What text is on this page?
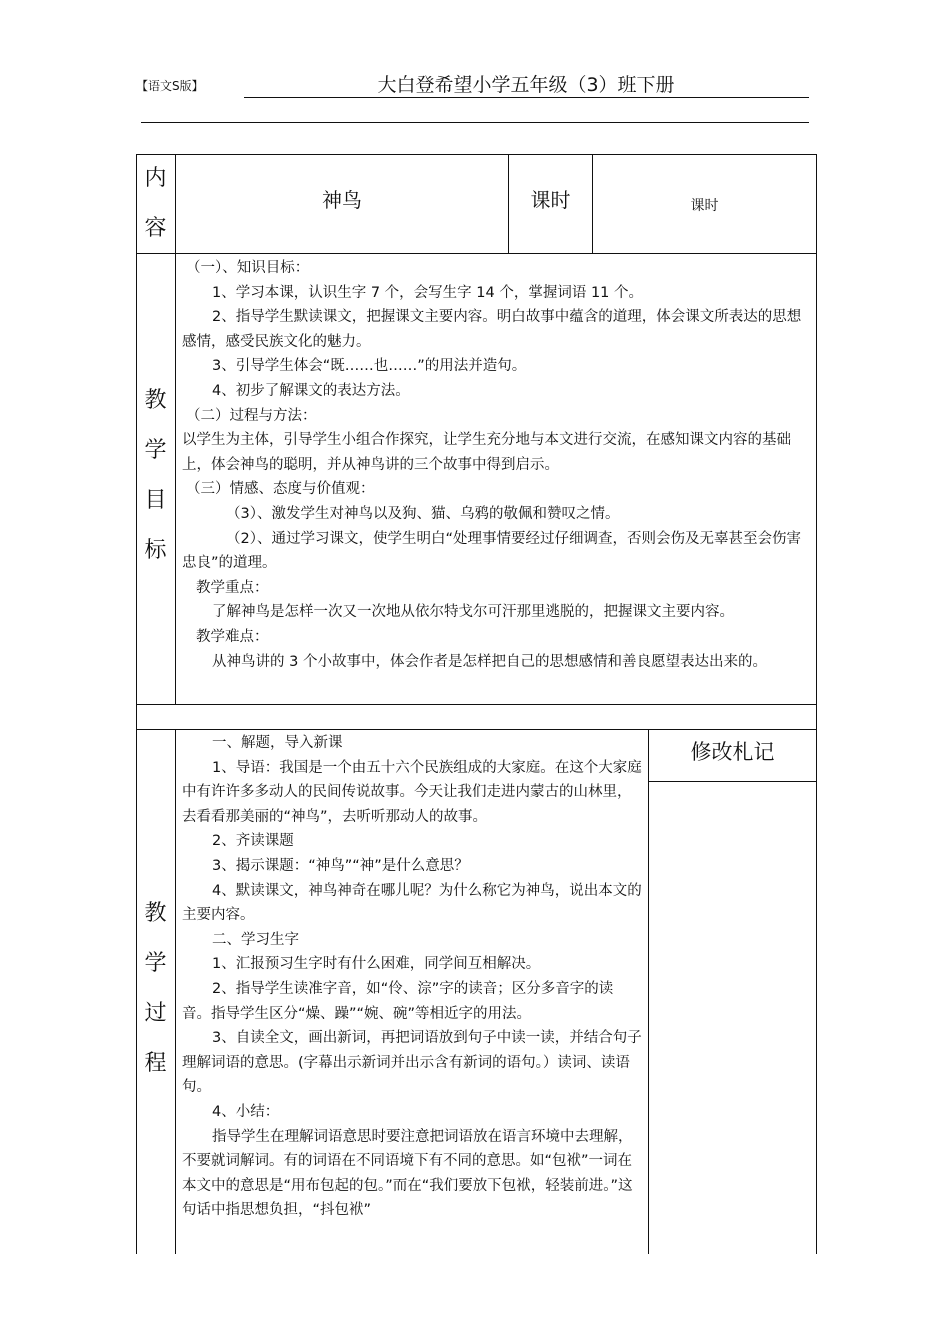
【语文S版】	大白登希望小学五年级（3）班下册
内
容
神鸟	课时	课时
教
学
目
标

（一）、知识目标：

1、学习本课，认识生字 7 个，会写生字 14 个，掌握词语 11 个。

2、指导学生默读课文，把握课文主要内容。明白故事中蕴含的道理，体会课文所表达的思想感情，感受民族文化的魅力。

3、引导学生体会“既……也……”的用法并造句。

4、初步了解课文的表达方法。

（二）过程与方法：

以学生为主体，引导学生小组合作探究，让学生充分地与本文进行交流，在感知课文内容的基础上，体会神鸟的聪明，并从神鸟讲的三个故事中得到启示。

（三）情感、态度与价值观：

（3）、激发学生对神鸟以及狗、猫、乌鸦的敬佩和赞叹之情。

（2）、通过学习课文，使学生明白“处理事情要经过仔细调查，否则会伤及无辜甚至会伤害忠良”的道理。

教学重点：

了解神鸟是怎样一次又一次地从依尔特戈尔可汗那里逃脱的，把握课文主要内容。

教学难点：

从神鸟讲的 3 个小故事中，体会作者是怎样把自己的思想感情和善良愿望表达出来的。

教
学
过
程
修改札记

一、解题，导入新课

1、导语：我国是一个由五十六个民族组成的大家庭。在这个大家庭中有许许多多动人的民间传说故事。今天让我们走进内蒙古的山林里，去看看那美丽的“神鸟”，去听听那动人的故事。

2、齐读课题

3、揭示课题：“神鸟”“神”是什么意思？

4、默读课文，神鸟神奇在哪儿呢？为什么称它为神鸟，说出本文的主要内容。

二、学习生字

1、汇报预习生字时有什么困难，同学间互相解决。

2、指导学生读准字音，如“伶、淙”字的读音；区分多音字的读音。指导学生区分“燥、躁”“婉、碗”等相近字的用法。

3、自读全文，画出新词，再把词语放到句子中读一读，并结合句子理解词语的意思。(字幕出示新词并出示含有新词的语句。）读词、读语句。

4、小结：

指导学生在理解词语意思时要注意把词语放在语言环境中去理解，不要就词解词。有的词语在不同语境下有不同的意思。如“包袱”一词在本文中的意思是“用布包起的包。”而在“我们要放下包袱，轻装前进。”这句话中指思想负担，“抖包袱”
